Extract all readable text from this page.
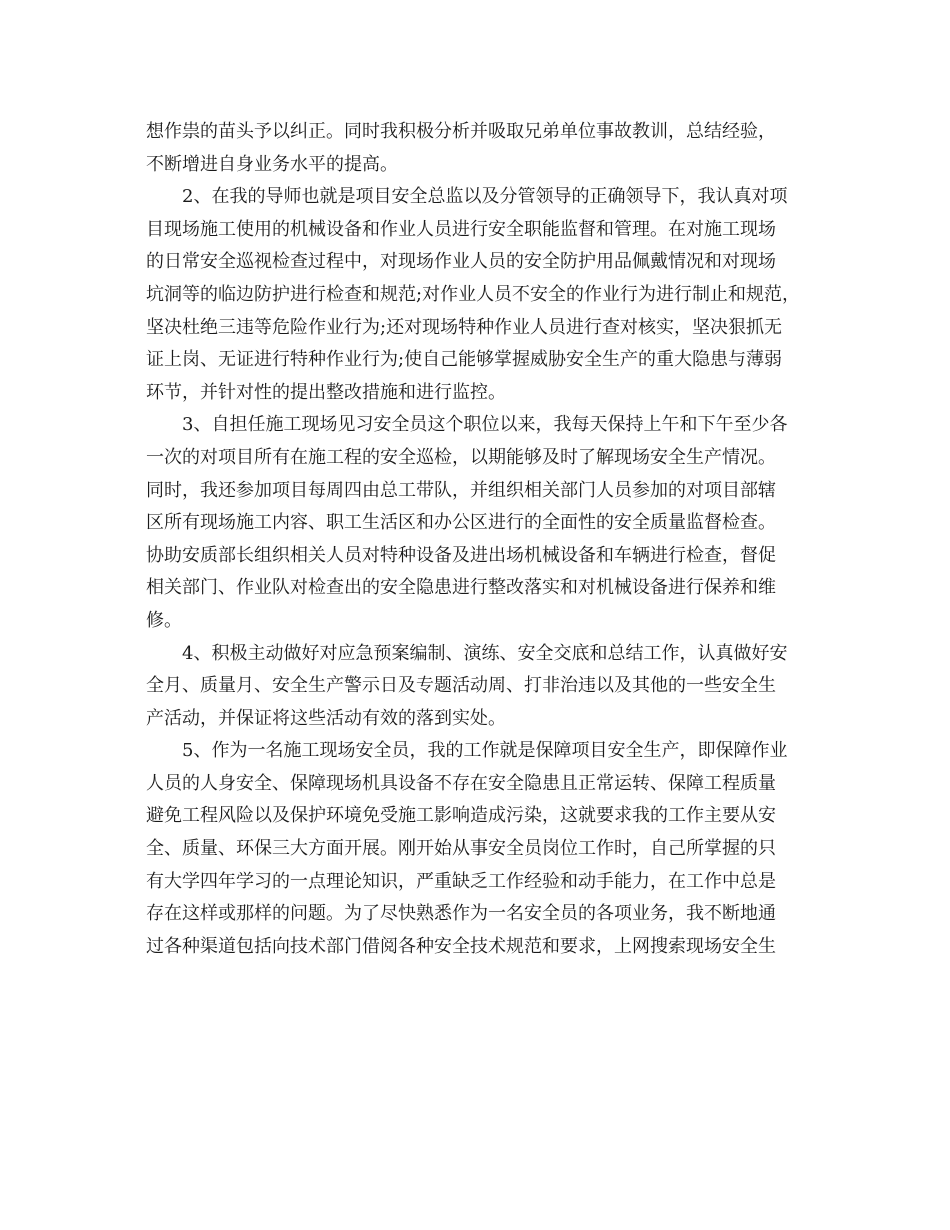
想作祟的苗头予以纠正。同时我积极分析并吸取兄弟单位事故教训，总结经验，
不断增进自身业务水平的提高。
2、在我的导师也就是项目安全总监以及分管领导的正确领导下，我认真对项
目现场施工使用的机械设备和作业人员进行安全职能监督和管理。在对施工现场
的日常安全巡视检查过程中，对现场作业人员的安全防护用品佩戴情况和对现场
坑洞等的临边防护进行检查和规范;对作业人员不安全的作业行为进行制止和规范，
坚决杜绝三违等危险作业行为;还对现场特种作业人员进行查对核实，坚决狠抓无
证上岗、无证进行特种作业行为;使自己能够掌握威胁安全生产的重大隐患与薄弱
环节，并针对性的提出整改措施和进行监控。
3、自担任施工现场见习安全员这个职位以来，我每天保持上午和下午至少各
一次的对项目所有在施工程的安全巡检，以期能够及时了解现场安全生产情况。
同时，我还参加项目每周四由总工带队，并组织相关部门人员参加的对项目部辖
区所有现场施工内容、职工生活区和办公区进行的全面性的安全质量监督检查。
协助安质部长组织相关人员对特种设备及进出场机械设备和车辆进行检查，督促
相关部门、作业队对检查出的安全隐患进行整改落实和对机械设备进行保养和维
修。
4、积极主动做好对应急预案编制、演练、安全交底和总结工作，认真做好安
全月、质量月、安全生产警示日及专题活动周、打非治违以及其他的一些安全生
产活动，并保证将这些活动有效的落到实处。
5、作为一名施工现场安全员，我的工作就是保障项目安全生产，即保障作业
人员的人身安全、保障现场机具设备不存在安全隐患且正常运转、保障工程质量
避免工程风险以及保护环境免受施工影响造成污染，这就要求我的工作主要从安
全、质量、环保三大方面开展。刚开始从事安全员岗位工作时，自己所掌握的只
有大学四年学习的一点理论知识，严重缺乏工作经验和动手能力，在工作中总是
存在这样或那样的问题。为了尽快熟悉作为一名安全员的各项业务，我不断地通
过各种渠道包括向技术部门借阅各种安全技术规范和要求，上网搜索现场安全生
